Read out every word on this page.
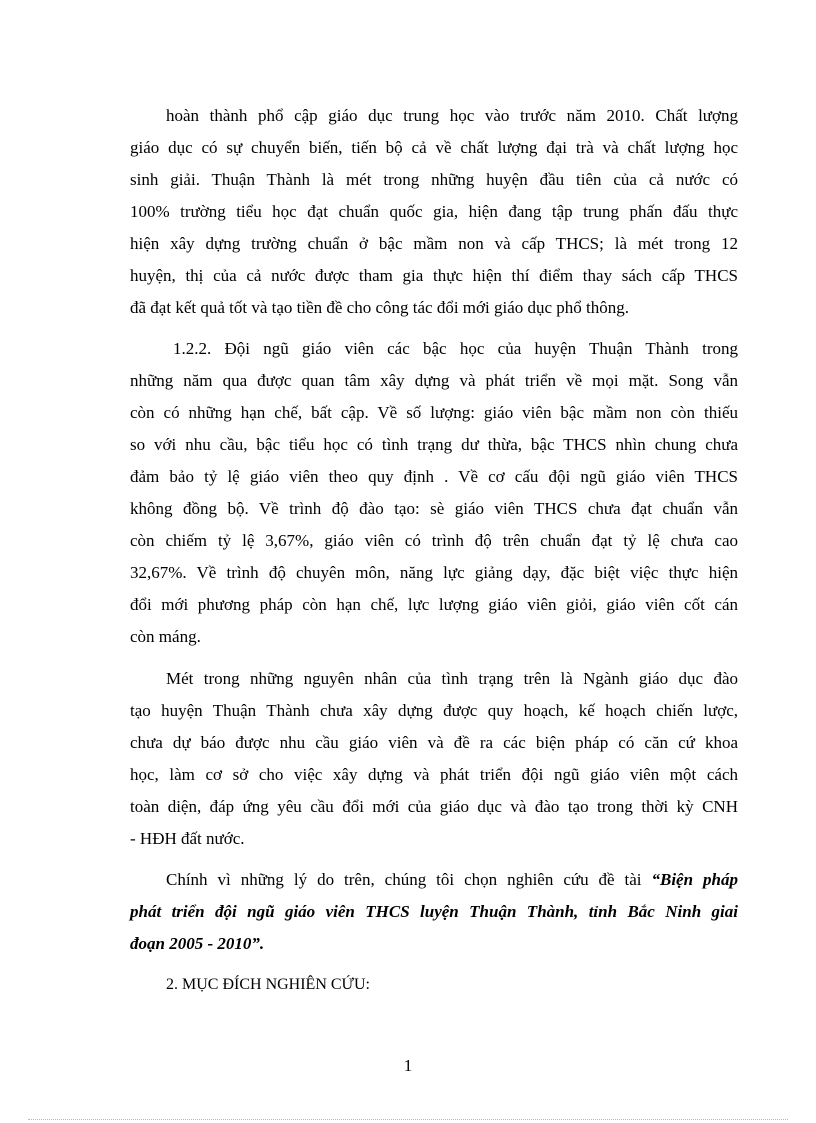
hoàn thành phổ cập giáo dục trung học vào trước năm 2010. Chất lượng
giáo dục có sự chuyển biến, tiến bộ cả về chất lượng đại trà và chất lượng học
sinh giải. Thuận Thành là mét trong những huyện đầu tiên của cả nước có
100% trường tiểu học đạt chuẩn quốc gia, hiện đang tập trung phấn đấu thực
hiện xây dựng trường chuẩn ở bậc mầm non và cấp THCS; là mét trong 12
huyện, thị của cả nước được tham gia thực hiện thí điểm thay sách cấp THCS
đã đạt kết quả tốt và tạo tiền đề cho công tác đổi mới giáo dục phổ thông.
1.2.2. Đội ngũ giáo viên các bậc học của huyện Thuận Thành trong
những năm qua được quan tâm xây dựng và phát triển về mọi mặt. Song vẫn
còn có những hạn chế, bất cập. Về số lượng: giáo viên bậc mầm non còn thiếu
so với nhu cầu, bậc tiểu học có tình trạng dư thừa, bậc THCS nhìn chung chưa
đảm bảo tỷ lệ giáo viên theo quy định . Về cơ cấu đội ngũ giáo viên THCS
không đồng bộ. Về trình độ đào tạo: sè giáo viên THCS chưa đạt chuẩn vẫn
còn chiếm tỷ lệ 3,67%, giáo viên có trình độ trên chuẩn đạt tỷ lệ chưa cao
32,67%. Về trình độ chuyên môn, năng lực giảng dạy, đặc biệt việc thực hiện
đổi mới phương pháp còn hạn chế, lực lượng giáo viên giỏi, giáo viên cốt cán
còn máng.
Mét trong những nguyên nhân của tình trạng trên là Ngành giáo dục đào
tạo huyện Thuận Thành chưa xây dựng được quy hoạch, kế hoạch chiến lược,
chưa dự báo được nhu cầu giáo viên và đề ra các biện pháp có căn cứ khoa
học, làm cơ sở cho việc xây dựng và phát triển đội ngũ giáo viên một cách
toàn diện, đáp ứng yêu cầu đổi mới của giáo dục và đào tạo trong thời kỳ CNH
- HĐH đất nước.
Chính vì những lý do trên, chúng tôi chọn nghiên cứu đề tài “Biện pháp
phát triển đội ngũ giáo viên THCS luyện Thuận Thành, tỉnh Bắc Ninh giai
đoạn 2005 - 2010”.
2. MỤC ĐÍCH NGHIÊN CỨU:
1
